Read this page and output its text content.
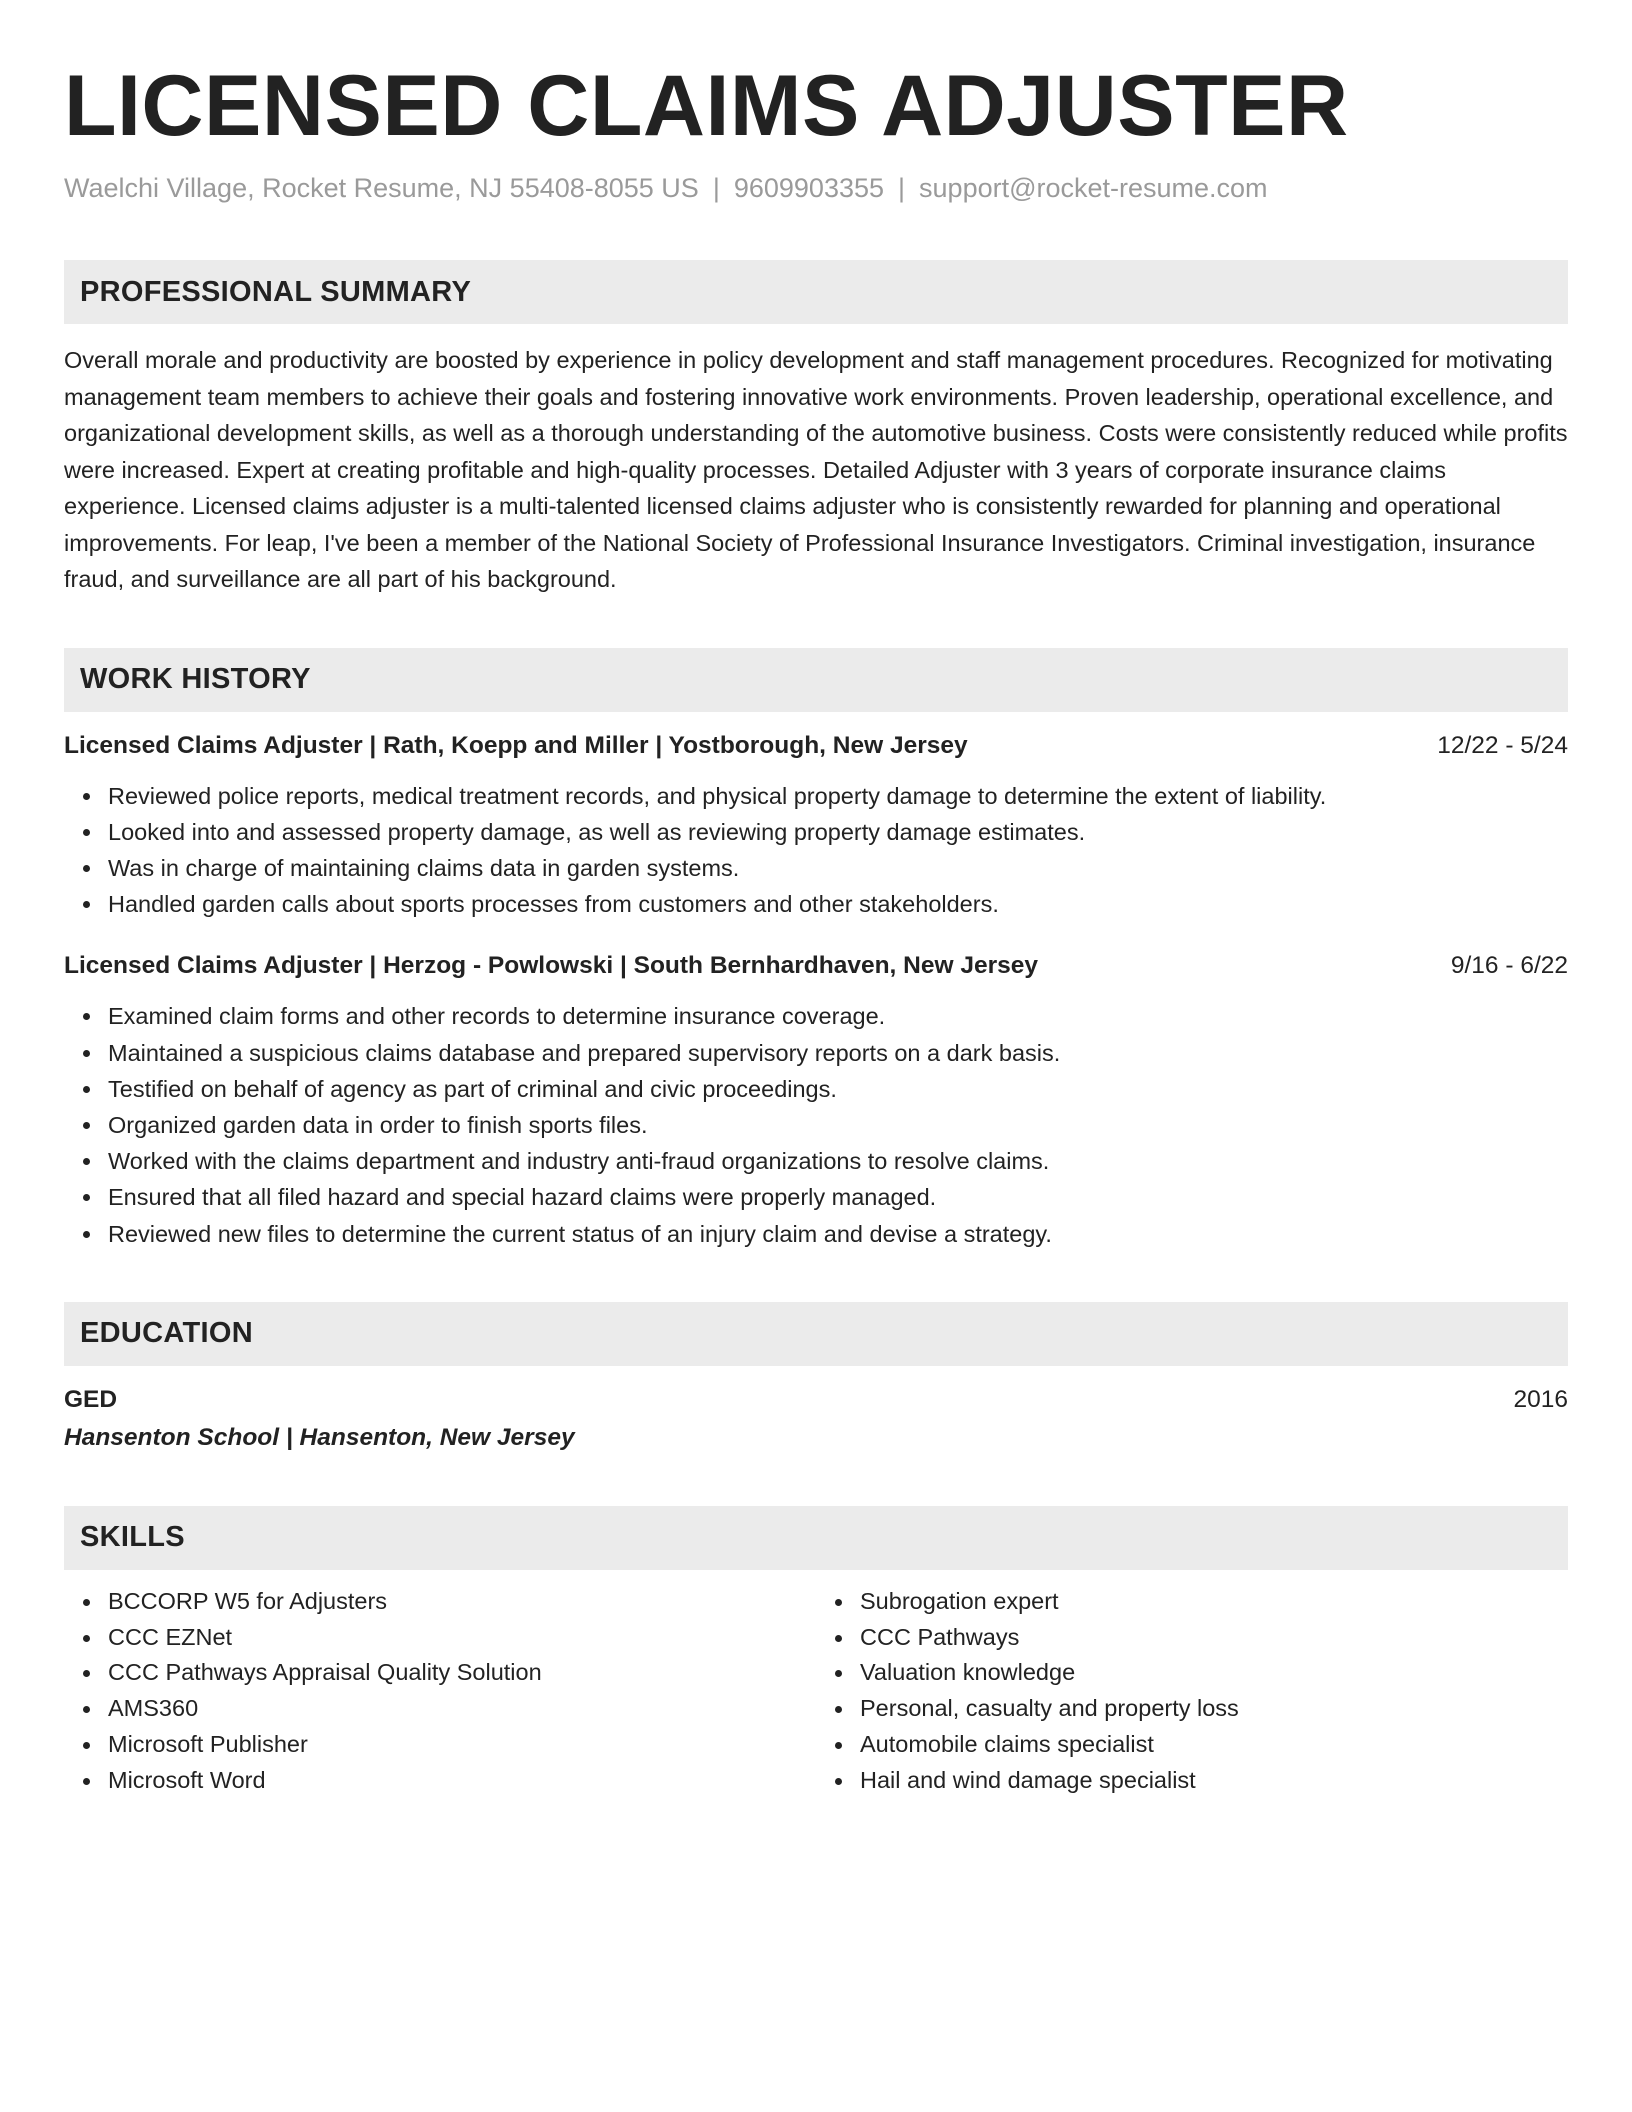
LICENSED CLAIMS ADJUSTER
Waelchi Village, Rocket Resume, NJ 55408-8055 US | 9609903355 | support@rocket-resume.com
PROFESSIONAL SUMMARY
Overall morale and productivity are boosted by experience in policy development and staff management procedures. Recognized for motivating management team members to achieve their goals and fostering innovative work environments. Proven leadership, operational excellence, and organizational development skills, as well as a thorough understanding of the automotive business. Costs were consistently reduced while profits were increased. Expert at creating profitable and high-quality processes. Detailed Adjuster with 3 years of corporate insurance claims experience. Licensed claims adjuster is a multi-talented licensed claims adjuster who is consistently rewarded for planning and operational improvements. For leap, I've been a member of the National Society of Professional Insurance Investigators. Criminal investigation, insurance fraud, and surveillance are all part of his background.
WORK HISTORY
Licensed Claims Adjuster | Rath, Koepp and Miller | Yostborough, New Jersey	12/22 - 5/24
Reviewed police reports, medical treatment records, and physical property damage to determine the extent of liability.
Looked into and assessed property damage, as well as reviewing property damage estimates.
Was in charge of maintaining claims data in garden systems.
Handled garden calls about sports processes from customers and other stakeholders.
Licensed Claims Adjuster | Herzog - Powlowski | South Bernhardhaven, New Jersey	9/16 - 6/22
Examined claim forms and other records to determine insurance coverage.
Maintained a suspicious claims database and prepared supervisory reports on a dark basis.
Testified on behalf of agency as part of criminal and civic proceedings.
Organized garden data in order to finish sports files.
Worked with the claims department and industry anti-fraud organizations to resolve claims.
Ensured that all filed hazard and special hazard claims were properly managed.
Reviewed new files to determine the current status of an injury claim and devise a strategy.
EDUCATION
GED	2016
Hansenton School | Hansenton, New Jersey
SKILLS
BCCORP W5 for Adjusters
CCC EZNet
CCC Pathways Appraisal Quality Solution
AMS360
Microsoft Publisher
Microsoft Word
Subrogation expert
CCC Pathways
Valuation knowledge
Personal, casualty and property loss
Automobile claims specialist
Hail and wind damage specialist
